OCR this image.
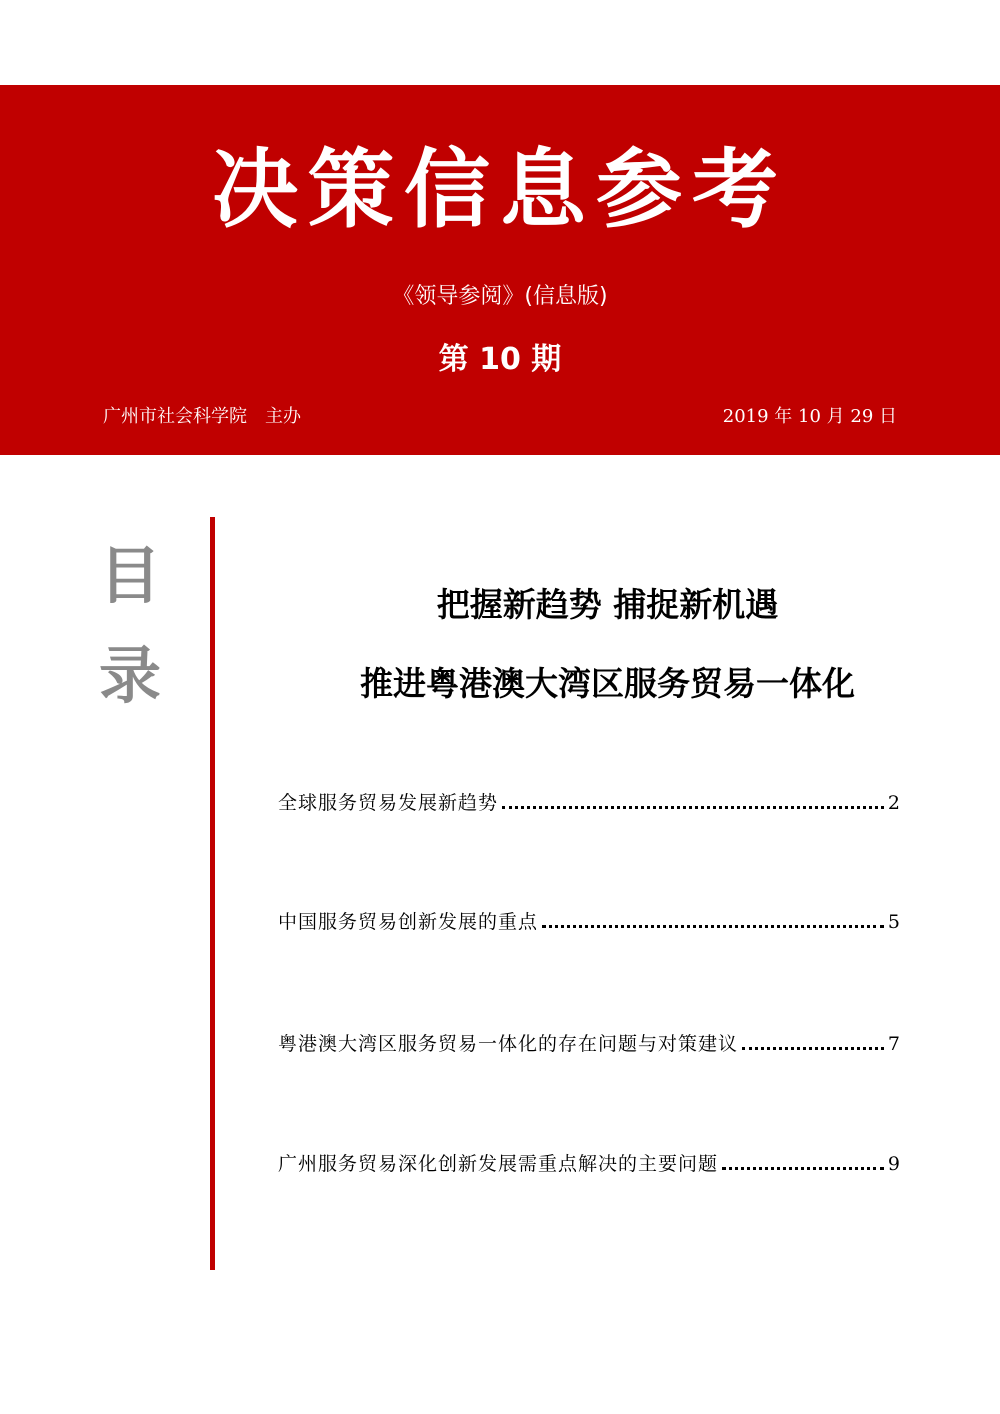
决策信息参考
《领导参阅》(信息版)
第 10 期
广州市社会科学院　主办	2019 年 10 月 29 日
目
录
把握新趋势 捕捉新机遇
推进粤港澳大湾区服务贸易一体化
全球服务贸易发展新趋势	2
中国服务贸易创新发展的重点	5
粤港澳大湾区服务贸易一体化的存在问题与对策建议	7
广州服务贸易深化创新发展需重点解决的主要问题	9
